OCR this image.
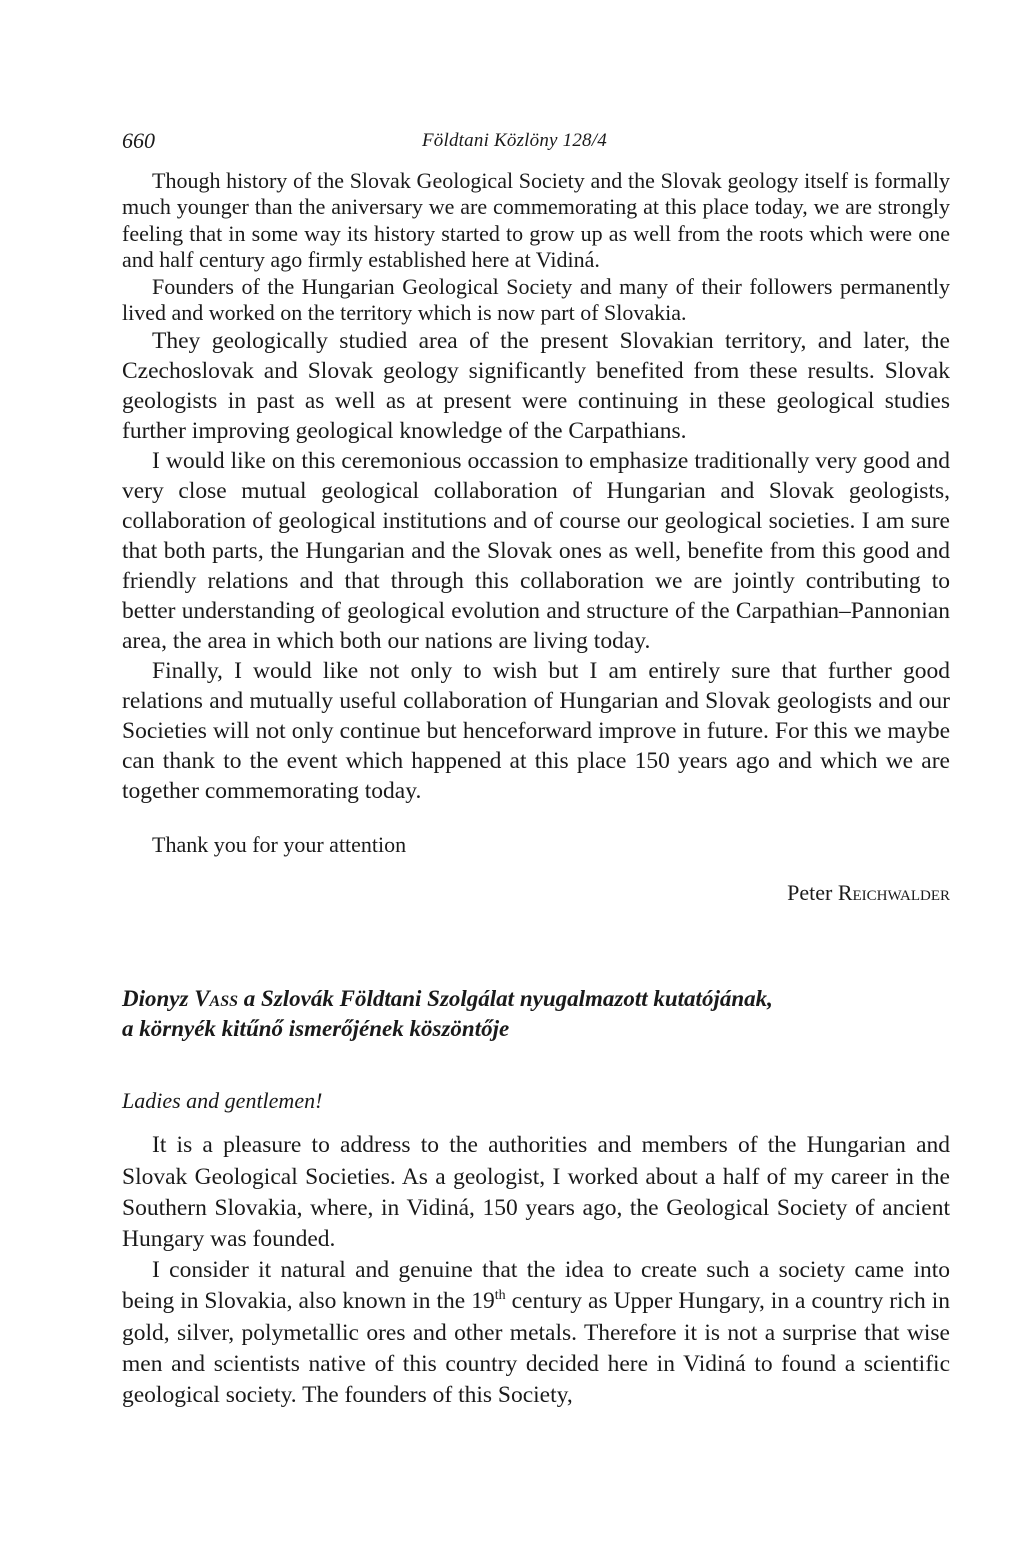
660	Földtani Közlöny 128/4

Though history of the Slovak Geological Society and the Slovak geology itself is formally much younger than the aniversary we are commemorating at this place today, we are strongly feeling that in some way its history started to grow up as well from the roots which were one and half century ago firmly established here at Vidiná.

Founders of the Hungarian Geological Society and many of their followers permanently lived and worked on the territory which is now part of Slovakia.

They geologically studied area of the present Slovakian territory, and later, the Czechoslovak and Slovak geology significantly benefited from these results. Slovak geologists in past as well as at present were continuing in these geological studies further improving geological knowledge of the Carpathians.

I would like on this ceremonious occassion to emphasize traditionally very good and very close mutual geological collaboration of Hungarian and Slovak geologists, collaboration of geological institutions and of course our geological societies. I am sure that both parts, the Hungarian and the Slovak ones as well, benefite from this good and friendly relations and that through this collaboration we are jointly contributing to better understanding of geological evolution and structure of the Carpathian–Pannonian area, the area in which both our nations are living today.

Finally, I would like not only to wish but I am entirely sure that further good relations and mutually useful collaboration of Hungarian and Slovak geologists and our Societies will not only continue but henceforward improve in future. For this we maybe can thank to the event which happened at this place 150 years ago and which we are together commemorating today.

Thank you for your attention
Peter Reichwalder
Dionyz Vass a Szlovák Földtani Szolgálat nyugalmazott kutatójának,
a környék kitűnő ismerőjének köszöntője
Ladies and gentlemen!

It is a pleasure to address to the authorities and members of the Hungarian and Slovak Geological Societies. As a geologist, I worked about a half of my career in the Southern Slovakia, where, in Vidiná, 150 years ago, the Geological Society of ancient Hungary was founded.

I consider it natural and genuine that the idea to create such a society came into being in Slovakia, also known in the 19th century as Upper Hungary, in a country rich in gold, silver, polymetallic ores and other metals. Therefore it is not a surprise that wise men and scientists native of this country decided here in Vidiná to found a scientific geological society. The founders of this Society,
